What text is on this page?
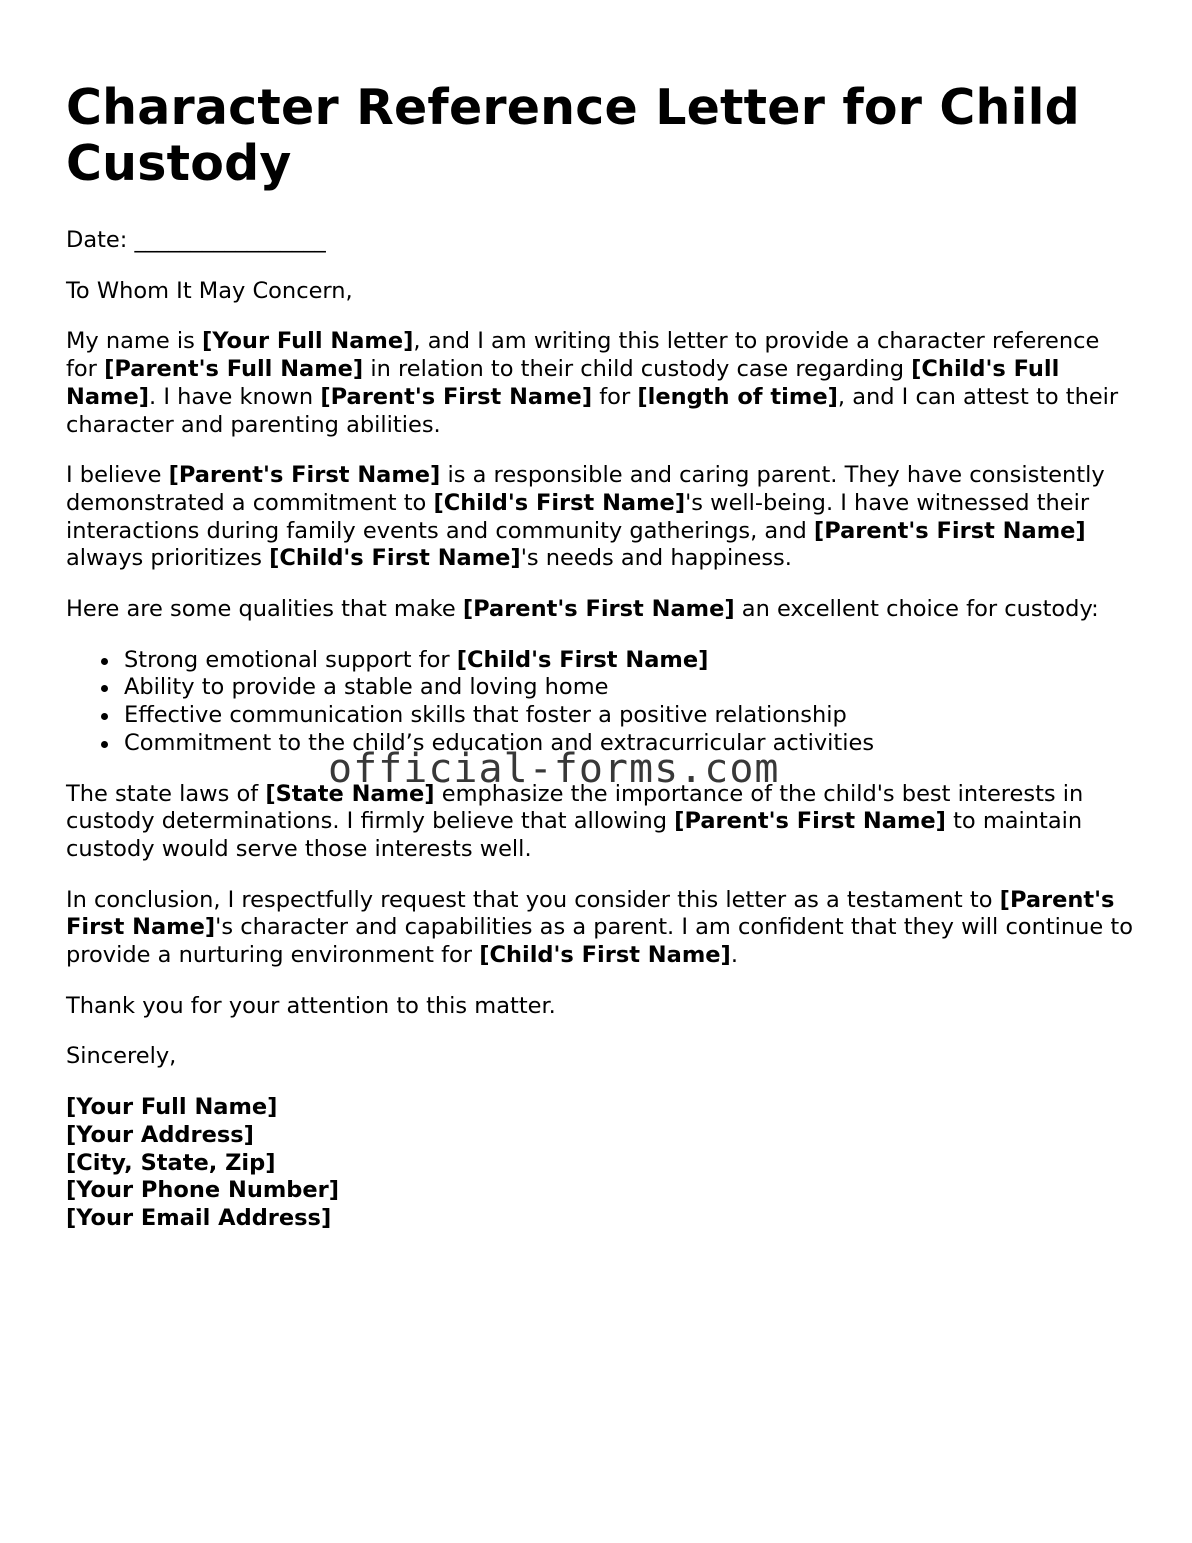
Character Reference Letter for Child Custody

Date: _________________

To Whom It May Concern,

My name is [Your Full Name], and I am writing this letter to provide a character reference for [Parent's Full Name] in relation to their child custody case regarding [Child's Full Name]. I have known [Parent's First Name] for [length of time], and I can attest to their character and parenting abilities.

I believe [Parent's First Name] is a responsible and caring parent. They have consistently demonstrated a commitment to [Child's First Name]'s well-being. I have witnessed their interactions during family events and community gatherings, and [Parent's First Name] always prioritizes [Child's First Name]'s needs and happiness.

Here are some qualities that make [Parent's First Name] an excellent choice for custody:

Strong emotional support for [Child's First Name]
Ability to provide a stable and loving home
Effective communication skills that foster a positive relationship
Commitment to the child’s education and extracurricular activities

The state laws of [State Name] emphasize the importance of the child's best interests in custody determinations. I firmly believe that allowing [Parent's First Name] to maintain custody would serve those interests well.

In conclusion, I respectfully request that you consider this letter as a testament to [Parent's First Name]'s character and capabilities as a parent. I am confident that they will continue to provide a nurturing environment for [Child's First Name].

Thank you for your attention to this matter.

Sincerely,

[Your Full Name]
[Your Address]
[City, State, Zip]
[Your Phone Number]
[Your Email Address]
official-forms.com
